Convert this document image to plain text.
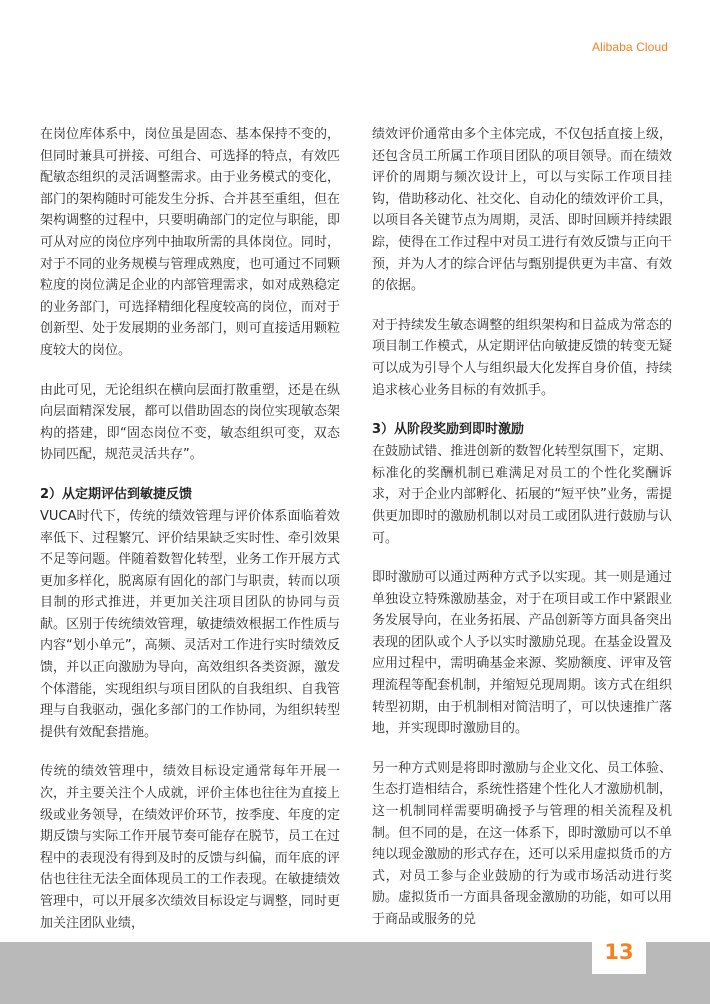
Alibaba Cloud

在岗位库体系中，岗位虽是固态、基本保持不变的，但同时兼具可拼接、可组合、可选择的特点，有效匹配敏态组织的灵活调整需求。由于业务模式的变化，部门的架构随时可能发生分拆、合并甚至重组，但在架构调整的过程中，只要明确部门的定位与职能，即可从对应的岗位序列中抽取所需的具体岗位。同时，对于不同的业务规模与管理成熟度，也可通过不同颗粒度的岗位满足企业的内部管理需求，如对成熟稳定的业务部门，可选择精细化程度较高的岗位，而对于创新型、处于发展期的业务部门，则可直接适用颗粒度较大的岗位。

由此可见，无论组织在横向层面打散重塑，还是在纵向层面精深发展，都可以借助固态的岗位实现敏态架构的搭建，即“固态岗位不变，敏态组织可变，双态协同匹配，规范灵活共存”。

2）从定期评估到敏捷反馈

VUCA时代下，传统的绩效管理与评价体系面临着效率低下、过程繁冗、评价结果缺乏实时性、牵引效果不足等问题。伴随着数智化转型，业务工作开展方式更加多样化，脱离原有固化的部门与职责，转而以项目制的形式推进，并更加关注项目团队的协同与贡献。区别于传统绩效管理，敏捷绩效根据工作性质与内容“划小单元”，高频、灵活对工作进行实时绩效反馈，并以正向激励为导向，高效组织各类资源，激发个体潜能，实现组织与项目团队的自我组织、自我管理与自我驱动，强化多部门的工作协同，为组织转型提供有效配套措施。

传统的绩效管理中，绩效目标设定通常每年开展一次，并主要关注个人成就，评价主体也往往为直接上级或业务领导，在绩效评价环节，按季度、年度的定期反馈与实际工作开展节奏可能存在脱节，员工在过程中的表现没有得到及时的反馈与纠偏，而年底的评估也往往无法全面体现员工的工作表现。在敏捷绩效管理中，可以开展多次绩效目标设定与调整，同时更加关注团队业绩，

绩效评价通常由多个主体完成，不仅包括直接上级，还包含员工所属工作项目团队的项目领导。而在绩效评价的周期与频次设计上，可以与实际工作项目挂钩，借助移动化、社交化、自动化的绩效评价工具，以项目各关键节点为周期，灵活、即时回顾并持续跟踪，使得在工作过程中对员工进行有效反馈与正向干预，并为人才的综合评估与甄别提供更为丰富、有效的依据。

对于持续发生敏态调整的组织架构和日益成为常态的项目制工作模式，从定期评估向敏捷反馈的转变无疑可以成为引导个人与组织最大化发挥自身价值，持续追求核心业务目标的有效抓手。

3）从阶段奖励到即时激励

在鼓励试错、推进创新的数智化转型氛围下，定期、标准化的奖酬机制已难满足对员工的个性化奖酬诉求，对于企业内部孵化、拓展的“短平快”业务，需提供更加即时的激励机制以对员工或团队进行鼓励与认可。

即时激励可以通过两种方式予以实现。其一则是通过单独设立特殊激励基金，对于在项目或工作中紧跟业务发展导向，在业务拓展、产品创新等方面具备突出表现的团队或个人予以实时激励兑现。在基金设置及应用过程中，需明确基金来源、奖励额度、评审及管理流程等配套机制，并缩短兑现周期。该方式在组织转型初期，由于机制相对简洁明了，可以快速推广落地，并实现即时激励目的。

另一种方式则是将即时激励与企业文化、员工体验、生态打造相结合，系统性搭建个性化人才激励机制，这一机制同样需要明确授予与管理的相关流程及机制。但不同的是，在这一体系下，即时激励可以不单纯以现金激励的形式存在，还可以采用虚拟货币的方式，对员工参与企业鼓励的行为或市场活动进行奖励。虚拟货币一方面具备现金激励的功能，如可以用于商品或服务的兑

13
